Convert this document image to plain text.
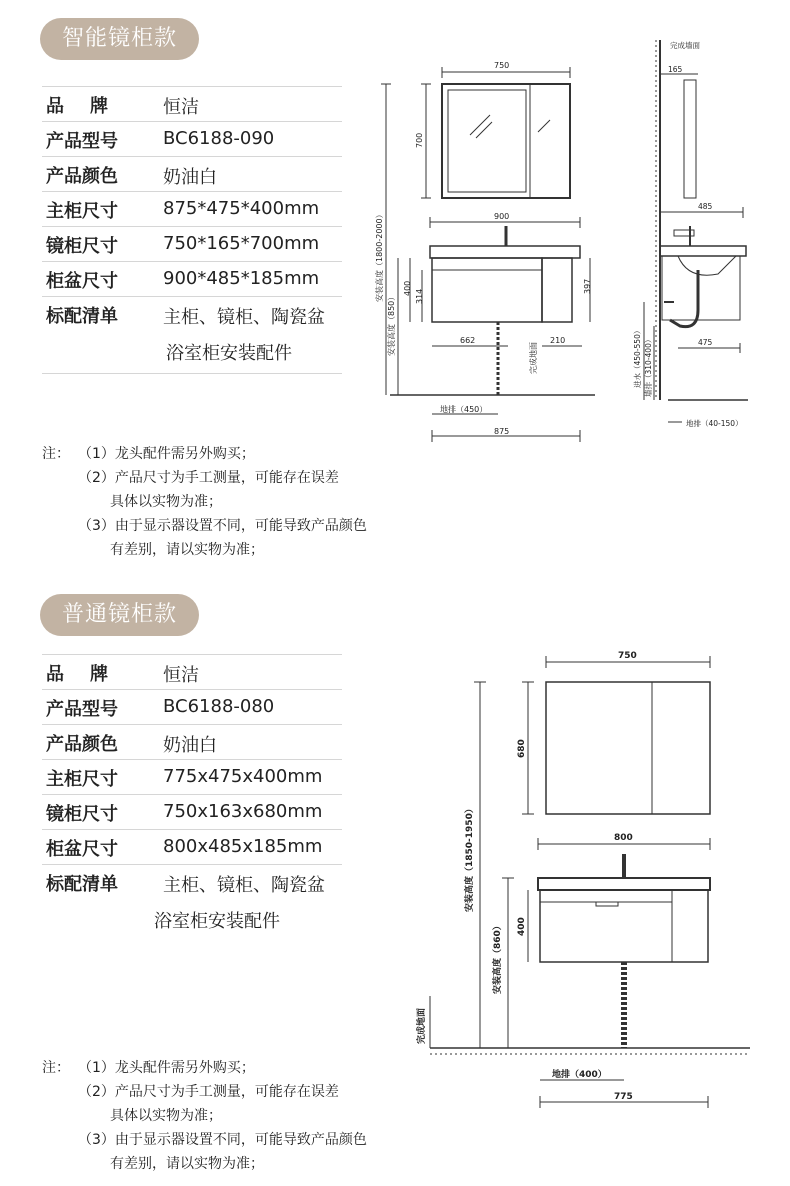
智能镜柜款
品牌 恒洁
产品型号	BC6188-090
产品颜色	奶油白
主柜尺寸	875*475*400mm
镜柜尺寸	750*165*700mm
柜盆尺寸	900*485*185mm
标配清单	主柜、镜柜、陶瓷盆
浴室柜安装配件
注： （1）龙头配件需另外购买；
（2）产品尺寸为手工测量，可能存在误差
具体以实物为准；
（3）由于显示器设置不同，可能导致产品颜色
有差别，请以实物为准；
750
700
安装高度（1800-2000）	900
400
314
安装高度（850）
397
662	210
完成地面
地排（450）
875
完成墙面
165
485
进水（450-550） 墙排（310-400）	475
地排（40-150）
普通镜柜款
品牌 恒洁
产品型号	BC6188-080
产品颜色	奶油白
主柜尺寸	775x475x400mm
镜柜尺寸	750x163x680mm
柜盆尺寸	800x485x185mm
标配清单	主柜、镜柜、陶瓷盆
浴室柜安装配件
注： （1）龙头配件需另外购买；
（2）产品尺寸为手工测量，可能存在误差
具体以实物为准；
（3）由于显示器设置不同，可能导致产品颜色
有差别，请以实物为准；
750
680
安装高度（1850-1950）	800
400
安装高度（860）
完成地面
地排（400）
775
